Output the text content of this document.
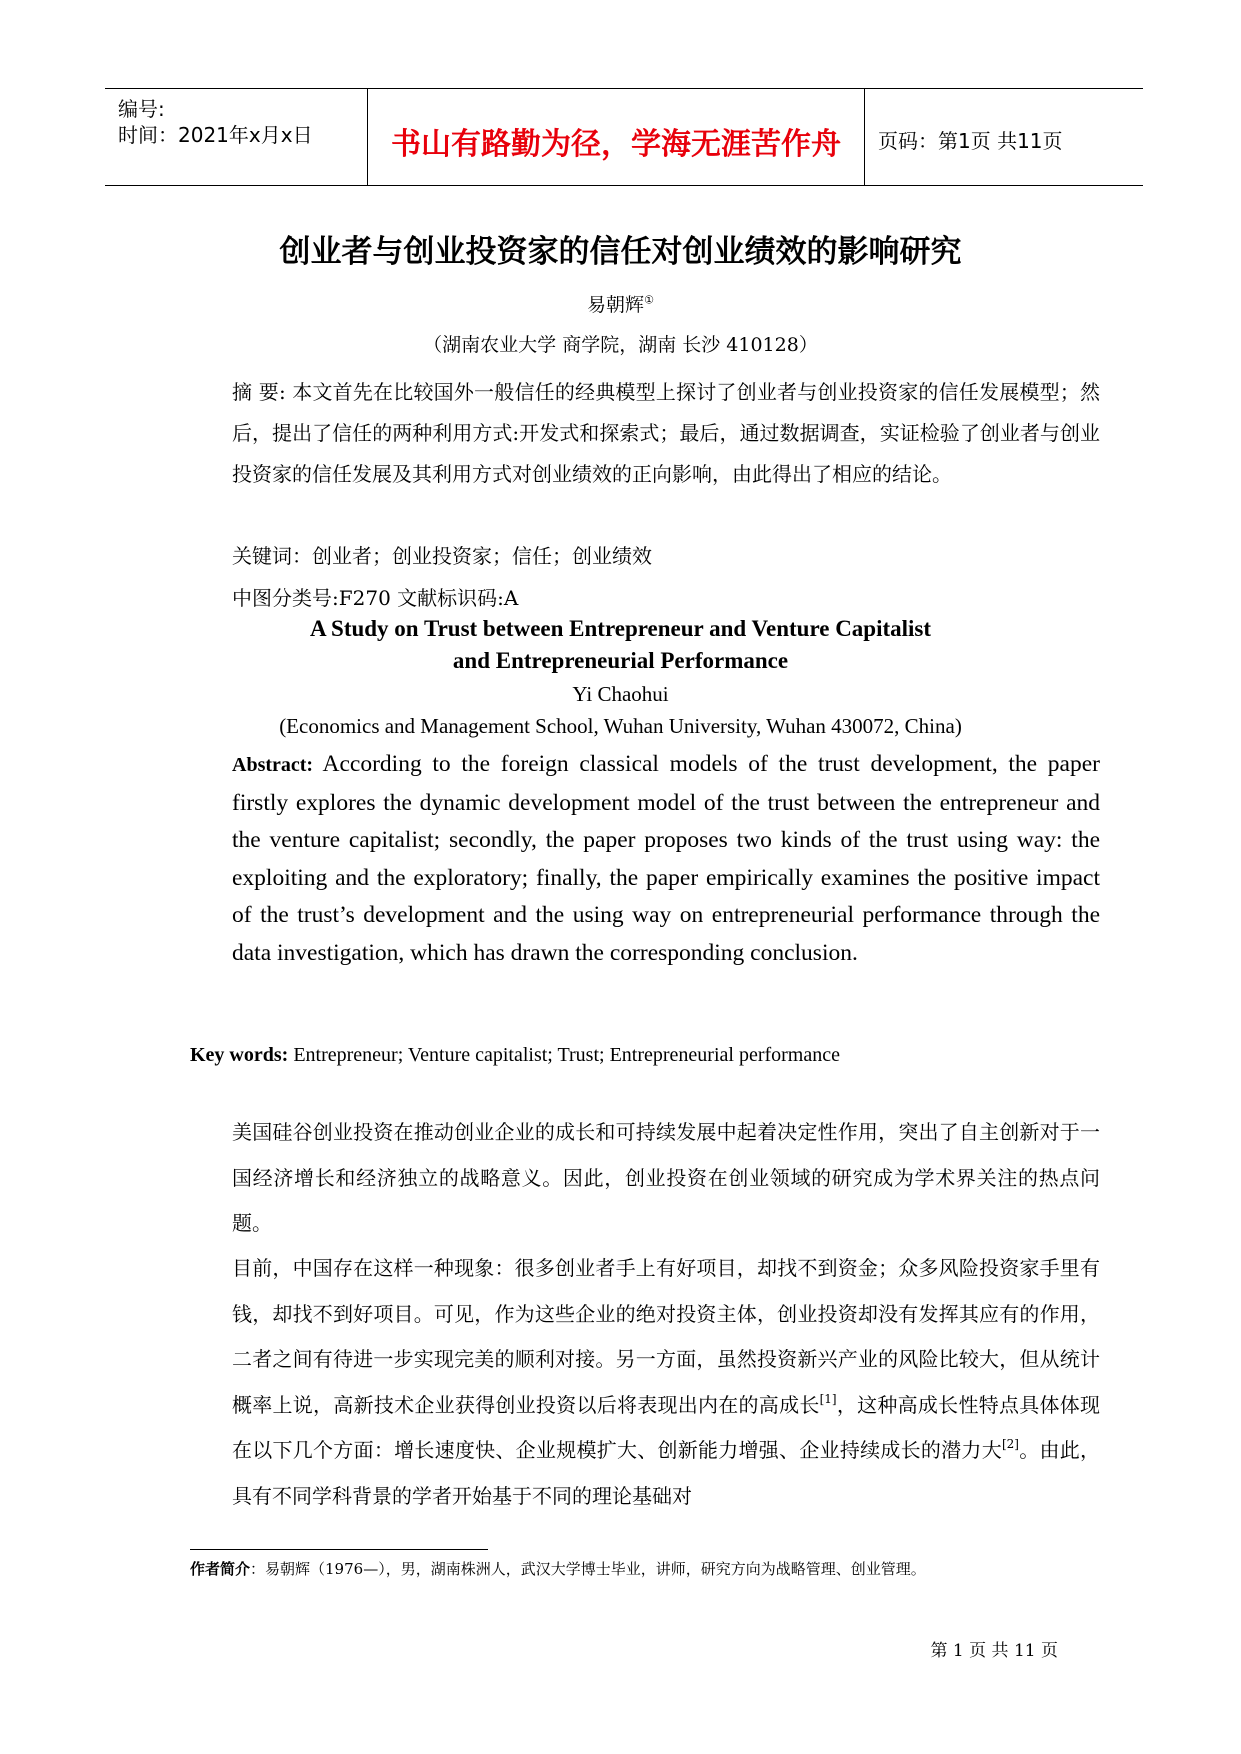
编号:
时间：2021年x月x日	书山有路勤为径，学海无涯苦作舟	页码：第1页 共11页
创业者与创业投资家的信任对创业绩效的影响研究
易朝辉①
（湖南农业大学 商学院，湖南 长沙 410128）
摘 要: 本文首先在比较国外一般信任的经典模型上探讨了创业者与创业投资家的信任发展模型；然后，提出了信任的两种利用方式:开发式和探索式；最后，通过数据调查，实证检验了创业者与创业投资家的信任发展及其利用方式对创业绩效的正向影响，由此得出了相应的结论。
关键词：创业者；创业投资家；信任；创业绩效
中图分类号:F270 文献标识码:A
A Study on Trust between Entrepreneur and Venture Capitalist
and Entrepreneurial Performance
Yi Chaohui
(Economics and Management School, Wuhan University, Wuhan 430072, China)
Abstract: According to the foreign classical models of the trust development, the paper firstly explores the dynamic development model of the trust between the entrepreneur and the venture capitalist; secondly, the paper proposes two kinds of the trust using way: the exploiting and the exploratory; finally, the paper empirically examines the positive impact of the trust’s development and the using way on entrepreneurial performance through the data investigation, which has drawn the corresponding conclusion.
Key words: Entrepreneur; Venture capitalist; Trust; Entrepreneurial performance
美国硅谷创业投资在推动创业企业的成长和可持续发展中起着决定性作用，突出了自主创新对于一国经济增长和经济独立的战略意义。因此，创业投资在创业领域的研究成为学术界关注的热点问题。
目前，中国存在这样一种现象：很多创业者手上有好项目，却找不到资金；众多风险投资家手里有钱，却找不到好项目。可见，作为这些企业的绝对投资主体，创业投资却没有发挥其应有的作用，二者之间有待进一步实现完美的顺利对接。另一方面，虽然投资新兴产业的风险比较大，但从统计概率上说，高新技术企业获得创业投资以后将表现出内在的高成长[1]，这种高成长性特点具体体现在以下几个方面：增长速度快、企业规模扩大、创新能力增强、企业持续成长的潜力大[2]。由此，具有不同学科背景的学者开始基于不同的理论基础对
作者简介：易朝辉（1976—），男，湖南株洲人，武汉大学博士毕业，讲师，研究方向为战略管理、创业管理。
第 1 页 共 11 页
